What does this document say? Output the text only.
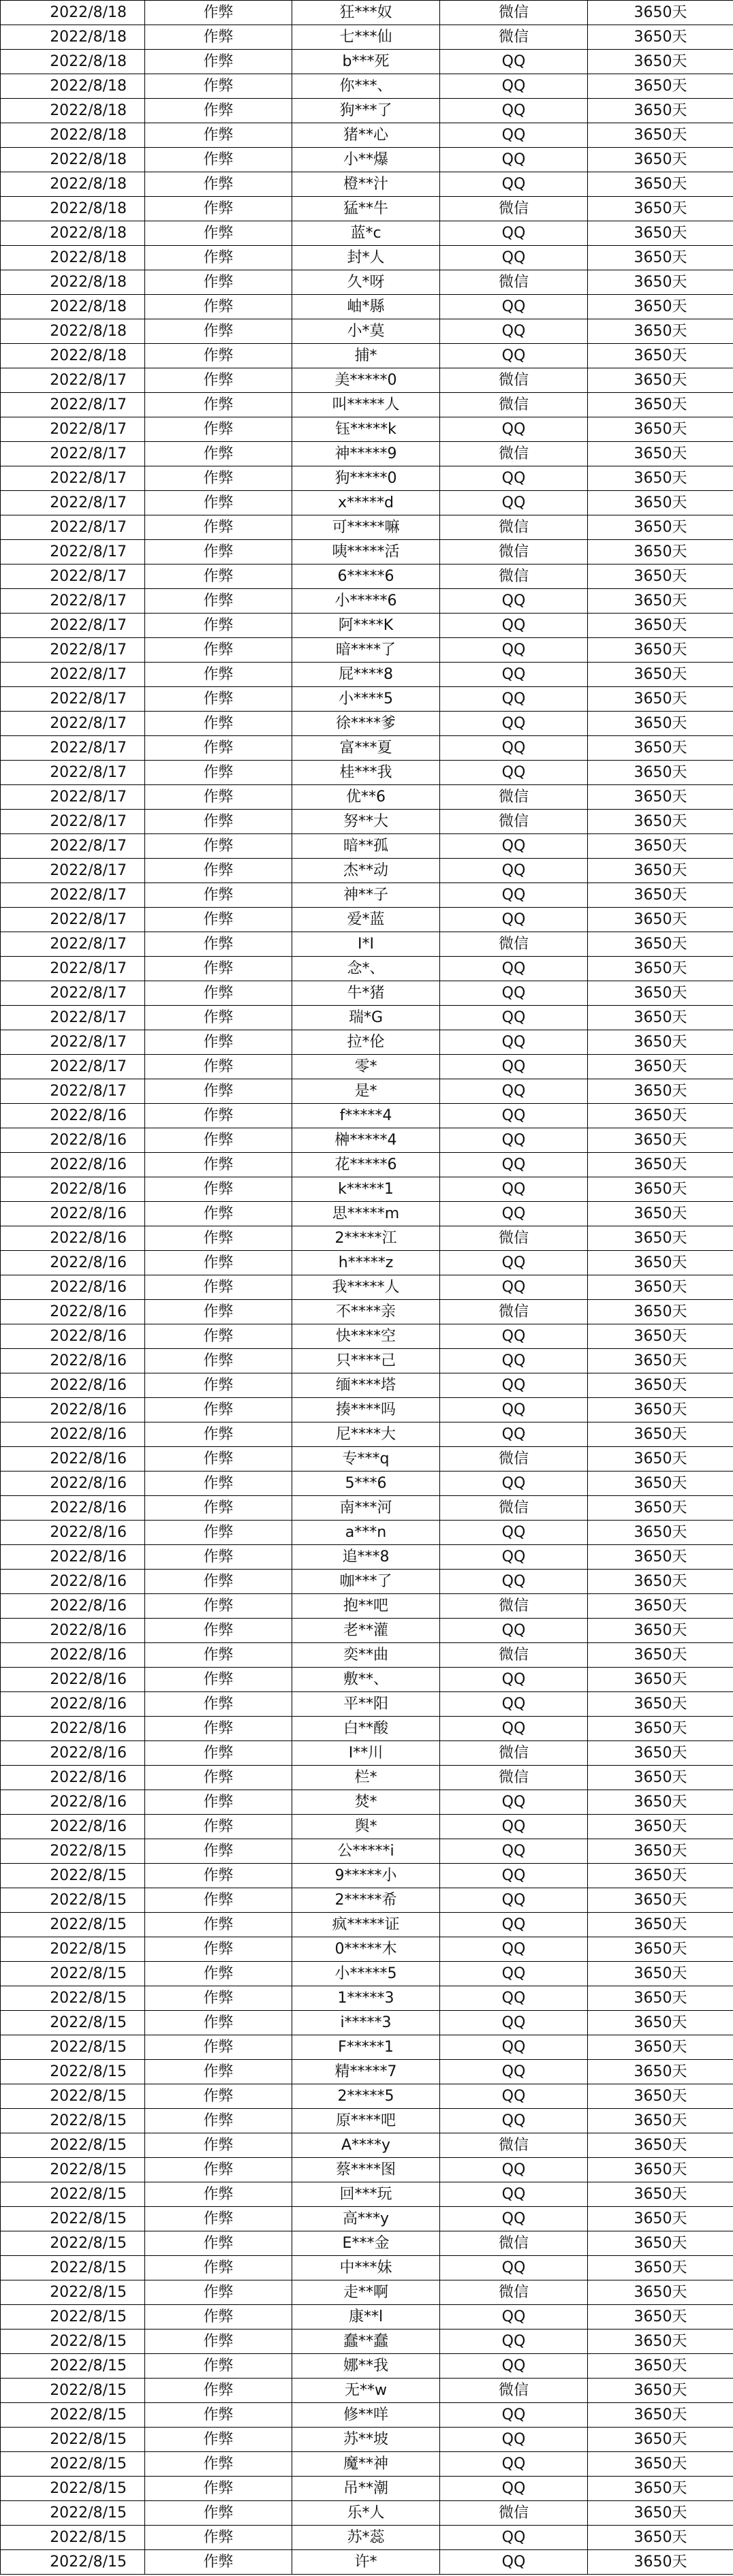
2022/8/18	作弊	狂***奴	微信	3650天
2022/8/18	作弊	七***仙	微信	3650天
2022/8/18	作弊	b***死	QQ	3650天
2022/8/18	作弊	你***、	QQ	3650天
2022/8/18	作弊	狗***了	QQ	3650天
2022/8/18	作弊	猪**心	QQ	3650天
2022/8/18	作弊	小**爆	QQ	3650天
2022/8/18	作弊	橙**汁	QQ	3650天
2022/8/18	作弊	猛**牛	微信	3650天
2022/8/18	作弊	蓝*c	QQ	3650天
2022/8/18	作弊	封*人	QQ	3650天
2022/8/18	作弊	久*呀	微信	3650天
2022/8/18	作弊	岫*縣	QQ	3650天
2022/8/18	作弊	小*莫	QQ	3650天
2022/8/18	作弊	捕*	QQ	3650天
2022/8/17	作弊	美*****0	微信	3650天
2022/8/17	作弊	叫*****人	微信	3650天
2022/8/17	作弊	钰*****k	QQ	3650天
2022/8/17	作弊	神*****9	微信	3650天
2022/8/17	作弊	狗*****0	QQ	3650天
2022/8/17	作弊	x*****d	QQ	3650天
2022/8/17	作弊	可*****嘛	微信	3650天
2022/8/17	作弊	咦*****活	微信	3650天
2022/8/17	作弊	6*****6	微信	3650天
2022/8/17	作弊	小*****6	QQ	3650天
2022/8/17	作弊	阿****K	QQ	3650天
2022/8/17	作弊	暗****了	QQ	3650天
2022/8/17	作弊	屁****8	QQ	3650天
2022/8/17	作弊	小****5	QQ	3650天
2022/8/17	作弊	徐****爹	QQ	3650天
2022/8/17	作弊	富***夏	QQ	3650天
2022/8/17	作弊	桂***我	QQ	3650天
2022/8/17	作弊	优**6	微信	3650天
2022/8/17	作弊	努**大	微信	3650天
2022/8/17	作弊	暗**孤	QQ	3650天
2022/8/17	作弊	杰**动	QQ	3650天
2022/8/17	作弊	神**子	QQ	3650天
2022/8/17	作弊	爱*蓝	QQ	3650天
2022/8/17	作弊	I*I	微信	3650天
2022/8/17	作弊	念*、	QQ	3650天
2022/8/17	作弊	牛*猪	QQ	3650天
2022/8/17	作弊	瑞*G	QQ	3650天
2022/8/17	作弊	拉*伦	QQ	3650天
2022/8/17	作弊	零*	QQ	3650天
2022/8/17	作弊	是*	QQ	3650天
2022/8/16	作弊	f*****4	QQ	3650天
2022/8/16	作弊	榊*****4	QQ	3650天
2022/8/16	作弊	花*****6	QQ	3650天
2022/8/16	作弊	k*****1	QQ	3650天
2022/8/16	作弊	思*****m	QQ	3650天
2022/8/16	作弊	2*****江	微信	3650天
2022/8/16	作弊	h*****z	QQ	3650天
2022/8/16	作弊	我*****人	QQ	3650天
2022/8/16	作弊	不****亲	微信	3650天
2022/8/16	作弊	快****空	QQ	3650天
2022/8/16	作弊	只****己	QQ	3650天
2022/8/16	作弊	缅****塔	QQ	3650天
2022/8/16	作弊	揍****吗	QQ	3650天
2022/8/16	作弊	尼****大	QQ	3650天
2022/8/16	作弊	专***q	微信	3650天
2022/8/16	作弊	5***6	QQ	3650天
2022/8/16	作弊	南***河	微信	3650天
2022/8/16	作弊	a***n	QQ	3650天
2022/8/16	作弊	追***8	QQ	3650天
2022/8/16	作弊	咖***了	QQ	3650天
2022/8/16	作弊	抱**吧	微信	3650天
2022/8/16	作弊	老**灌	QQ	3650天
2022/8/16	作弊	奕**曲	微信	3650天
2022/8/16	作弊	敷**、	QQ	3650天
2022/8/16	作弊	平**阳	QQ	3650天
2022/8/16	作弊	白**酸	QQ	3650天
2022/8/16	作弊	I**川	微信	3650天
2022/8/16	作弊	栏*	微信	3650天
2022/8/16	作弊	焚*	QQ	3650天
2022/8/16	作弊	舆*	QQ	3650天
2022/8/15	作弊	公*****i	QQ	3650天
2022/8/15	作弊	9*****小	QQ	3650天
2022/8/15	作弊	2*****希	QQ	3650天
2022/8/15	作弊	疯*****证	QQ	3650天
2022/8/15	作弊	0*****木	QQ	3650天
2022/8/15	作弊	小*****5	QQ	3650天
2022/8/15	作弊	1*****3	QQ	3650天
2022/8/15	作弊	i*****3	QQ	3650天
2022/8/15	作弊	F*****1	QQ	3650天
2022/8/15	作弊	精*****7	QQ	3650天
2022/8/15	作弊	2*****5	QQ	3650天
2022/8/15	作弊	原****吧	QQ	3650天
2022/8/15	作弊	A****y	微信	3650天
2022/8/15	作弊	蔡****图	QQ	3650天
2022/8/15	作弊	回***玩	QQ	3650天
2022/8/15	作弊	高***y	QQ	3650天
2022/8/15	作弊	E***金	微信	3650天
2022/8/15	作弊	中***妹	QQ	3650天
2022/8/15	作弊	走**啊	微信	3650天
2022/8/15	作弊	康**l	QQ	3650天
2022/8/15	作弊	蠢**蠢	QQ	3650天
2022/8/15	作弊	娜**我	QQ	3650天
2022/8/15	作弊	无**w	微信	3650天
2022/8/15	作弊	修**咩	QQ	3650天
2022/8/15	作弊	苏**坡	QQ	3650天
2022/8/15	作弊	魔**神	QQ	3650天
2022/8/15	作弊	吊**潮	QQ	3650天
2022/8/15	作弊	乐*人	微信	3650天
2022/8/15	作弊	苏*蕊	QQ	3650天
2022/8/15	作弊	许*	QQ	3650天
